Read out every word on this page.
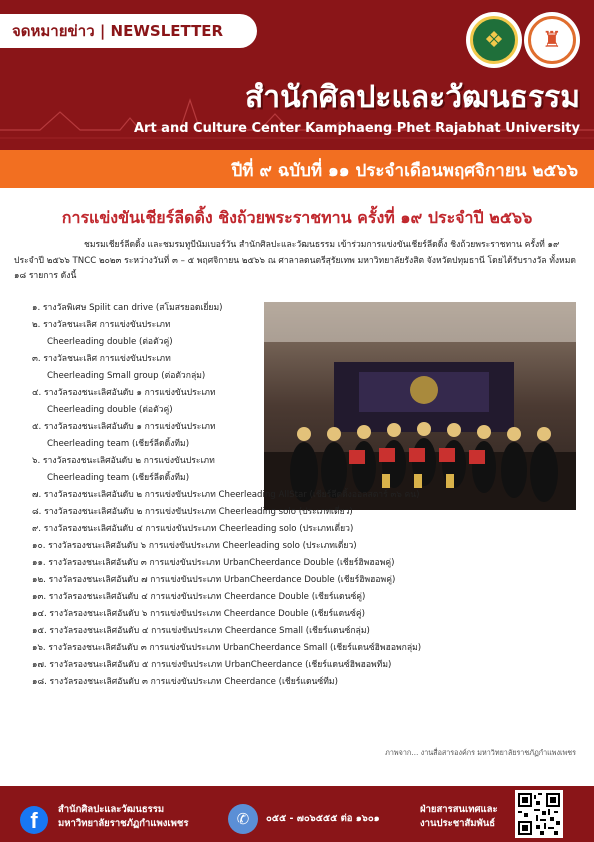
จดหมายข่าว | NEWSLETTER	❖	♜
สำนักศิลปะและวัฒนธรรม
Art and Culture Center Kamphaeng Phet Rajabhat University
ปีที่ ๙ ฉบับที่ ๑๑ ประจำเดือนพฤศจิกายน ๒๕๖๖
การแข่งขันเชียร์ลีดดิ้ง ชิงถ้วยพระราชทาน ครั้งที่ ๑๙ ประจำปี ๒๕๖๖

ชมรมเชียร์ลีดดิ้ง และชมรมทูบีนัมเบอร์วัน สำนักศิลปะและวัฒนธรรม เข้าร่วมการแข่งขันเชียร์ลีดดิ้ง ชิงถ้วยพระราชทาน ครั้งที่ ๑๙ ประจำปี ๒๕๖๖ TNCC ๒๐๒๓ ระหว่างวันที่ ๓ – ๕ พฤศจิกายน ๒๕๖๖ ณ ศาลาลดนตรีสุรัยเทพ มหาวิทยาลัยรังสิต จังหวัดปทุมธานี โดยได้รับรางวัล ทั้งหมด ๑๘ รายการ ดังนี้

๑. รางวัลพิเศษ Spilit can drive (สโมสรยอดเยี่ยม)
๒. รางวัลชนะเลิศ การแข่งขันประเภท
Cheerleading double (ต่อตัวคู่)
๓. รางวัลชนะเลิศ การแข่งขันประเภท
Cheerleading Small group (ต่อตัวกลุ่ม)
๔. รางวัลรองชนะเลิศอันดับ ๑ การแข่งขันประเภท
Cheerleading double (ต่อตัวคู่)
๕. รางวัลรองชนะเลิศอันดับ ๑ การแข่งขันประเภท
Cheerleading team (เชียร์ลีดดิ้งทีม)
๖. รางวัลรองชนะเลิศอันดับ ๒ การแข่งขันประเภท
Cheerleading team (เชียร์ลีดดิ้งทีม)
๗. รางวัลรองชนะเลิศอันดับ ๒ การแข่งขันประเภท Cheerleading AllStar (เชียร์ลีดดิ้งออลสตาร์ ๓๖ คน)
๘. รางวัลรองชนะเลิศอันดับ ๒ การแข่งขันประเภท Cheerleading solo (ประเภทเดี่ยว)
๙. รางวัลรองชนะเลิศอันดับ ๔ การแข่งขันประเภท Cheerleading solo (ประเภทเดี่ยว)
๑๐. รางวัลรองชนะเลิศอันดับ ๖ การแข่งขันประเภท Cheerleading solo (ประเภทเดี่ยว)
๑๑. รางวัลรองชนะเลิศอันดับ ๓ การแข่งขันประเภท UrbanCheerdance Double (เชียร์ฮิพฮอพคู่)
๑๒. รางวัลรองชนะเลิศอันดับ ๗ การแข่งขันประเภท UrbanCheerdance Double (เชียร์ฮิพฮอพคู่)
๑๓. รางวัลรองชนะเลิศอันดับ ๔ การแข่งขันประเภท Cheerdance Double (เชียร์แดนซ์คู่)
๑๔. รางวัลรองชนะเลิศอันดับ ๖ การแข่งขันประเภท Cheerdance Double (เชียร์แดนซ์คู่)
๑๕. รางวัลรองชนะเลิศอันดับ ๔ การแข่งขันประเภท Cheerdance Small (เชียร์แดนซ์กลุ่ม)
๑๖. รางวัลรองชนะเลิศอันดับ ๓ การแข่งขันประเภท UrbanCheerdance Small (เชียร์แดนซ์ฮิพฮอพกลุ่ม)
๑๗. รางวัลรองชนะเลิศอันดับ ๕ การแข่งขันประเภท UrbanCheerdance (เชียร์แดนซ์ฮิพฮอพทีม)
๑๘. รางวัลรองชนะเลิศอันดับ ๓ การแข่งขันประเภท Cheerdance (เชียร์แดนซ์ทีม)
ภาพจาก… งานสื่อสารองค์กร มหาวิทยาลัยราชภัฏกำแพงเพชร
f	สำนักศิลปะและวัฒนธรรม
มหาวิทยาลัยราชภัฏกำแพงเพชร	✆	๐๕๕ - ๗๐๖๕๕๕ ต่อ ๑๖๐๑
ฝ่ายสารสนเทศและ
งานประชาสัมพันธ์
